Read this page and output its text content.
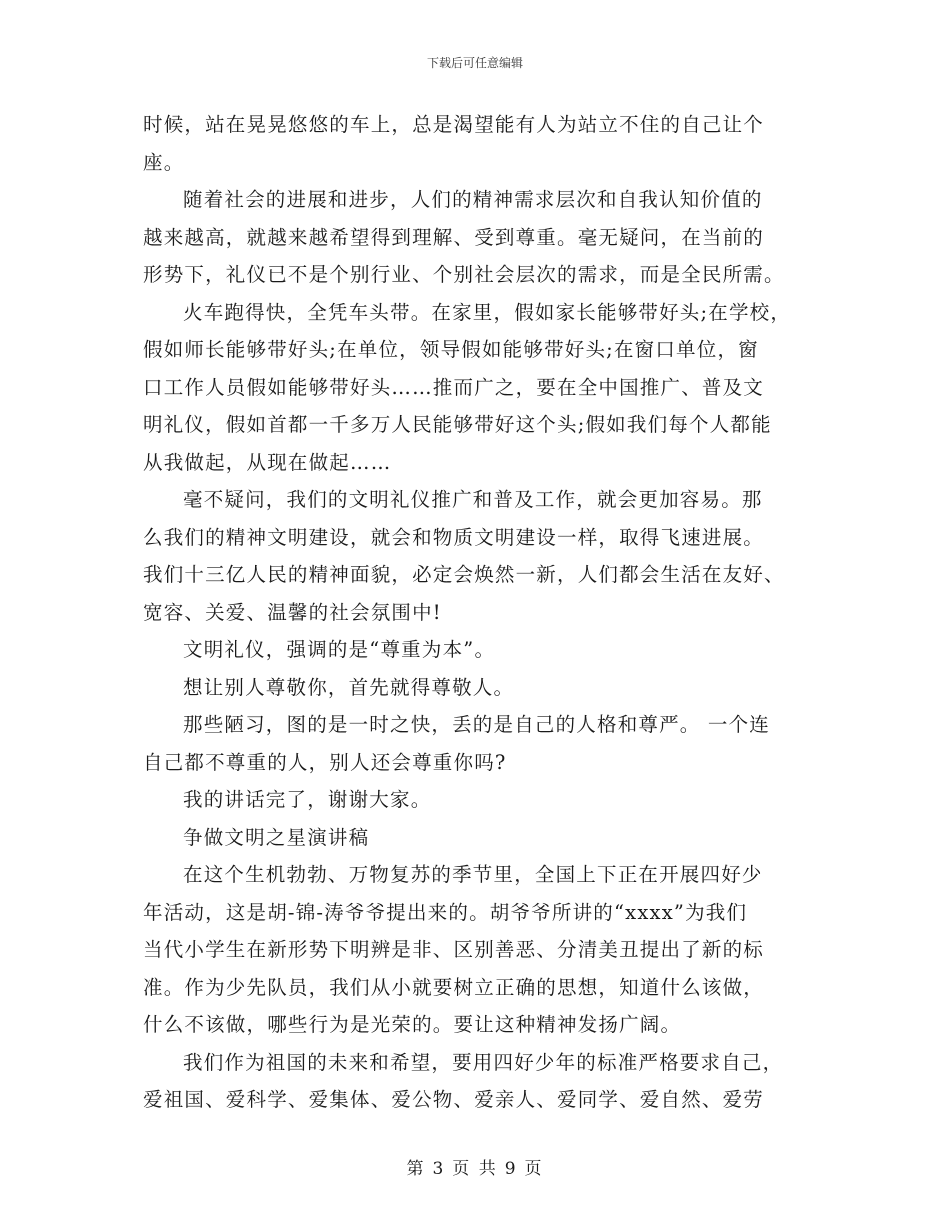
下载后可任意编辑
时候，站在晃晃悠悠的车上，总是渴望能有人为站立不住的自己让个
座。
随着社会的进展和进步，人们的精神需求层次和自我认知价值的
越来越高，就越来越希望得到理解、受到尊重。毫无疑问，在当前的
形势下，礼仪已不是个别行业、个别社会层次的需求，而是全民所需。
火车跑得快，全凭车头带。在家里，假如家长能够带好头;在学校，
假如师长能够带好头;在单位，领导假如能够带好头;在窗口单位，窗
口工作人员假如能够带好头……推而广之，要在全中国推广、普及文
明礼仪，假如首都一千多万人民能够带好这个头;假如我们每个人都能
从我做起，从现在做起……
毫不疑问，我们的文明礼仪推广和普及工作，就会更加容易。那
么我们的精神文明建设，就会和物质文明建设一样，取得飞速进展。
我们十三亿人民的精神面貌，必定会焕然一新，人们都会生活在友好、
宽容、关爱、温馨的社会氛围中!
文明礼仪，强调的是“尊重为本”。
想让别人尊敬你，首先就得尊敬人。
那些陋习，图的是一时之快，丢的是自己的人格和尊严。 一个连
自己都不尊重的人，别人还会尊重你吗?
我的讲话完了，谢谢大家。
争做文明之星演讲稿
在这个生机勃勃、万物复苏的季节里，全国上下正在开展四好少
年活动，这是胡-锦-涛爷爷提出来的。胡爷爷所讲的“xxxx”为我们
当代小学生在新形势下明辨是非、区别善恶、分清美丑提出了新的标
准。作为少先队员，我们从小就要树立正确的思想，知道什么该做，
什么不该做，哪些行为是光荣的。要让这种精神发扬广阔。
我们作为祖国的未来和希望，要用四好少年的标准严格要求自己，
爱祖国、爱科学、爱集体、爱公物、爱亲人、爱同学、爱自然、爱劳
第 3 页 共 9 页
